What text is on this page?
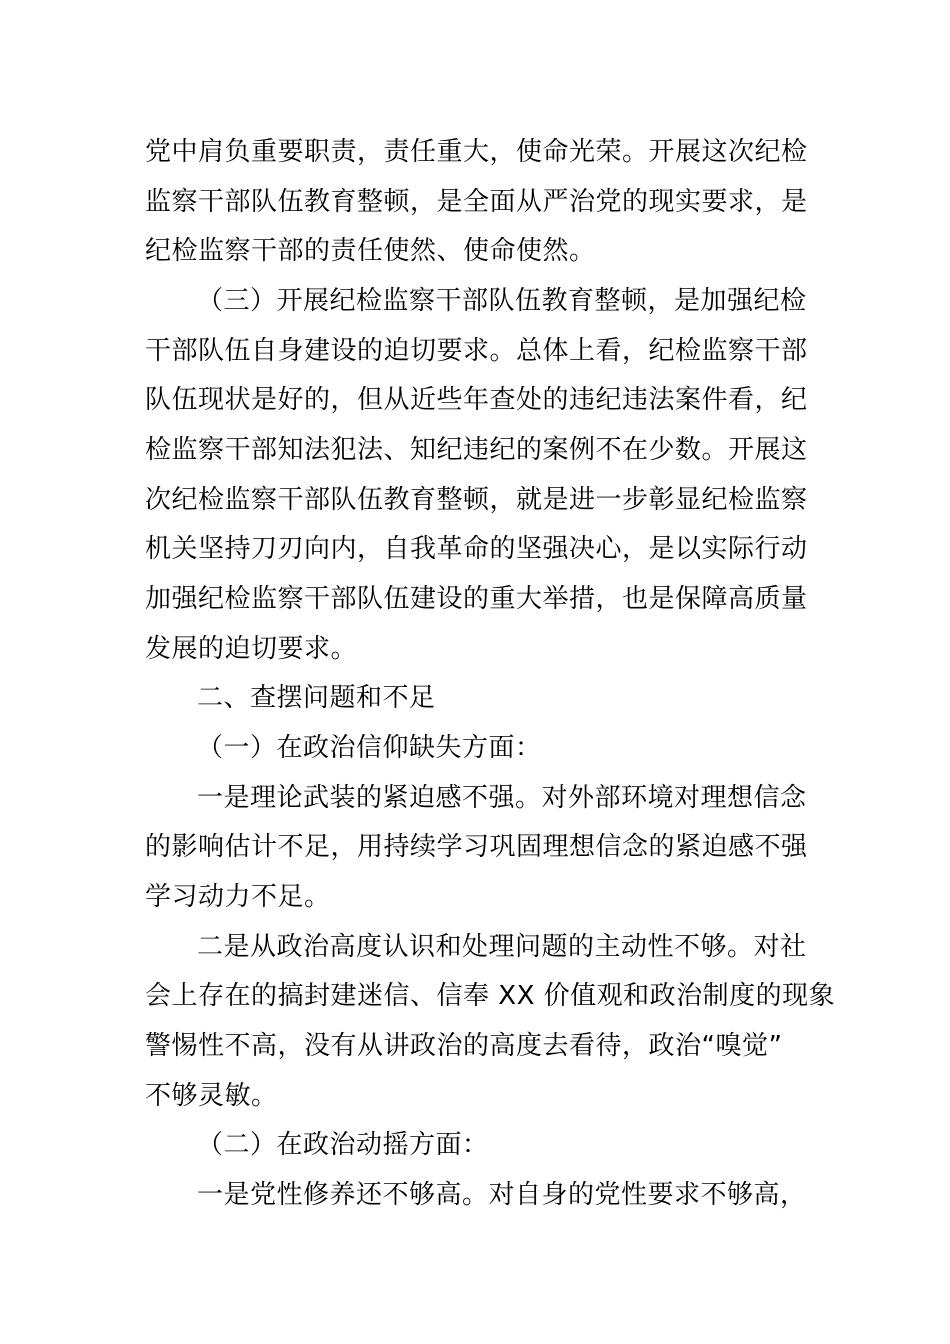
党中肩负重要职责，责任重大，使命光荣。开展这次纪检
监察干部队伍教育整顿，是全面从严治党的现实要求，是
纪检监察干部的责任使然、使命使然。
（三）开展纪检监察干部队伍教育整顿，是加强纪检
干部队伍自身建设的迫切要求。总体上看，纪检监察干部
队伍现状是好的，但从近些年查处的违纪违法案件看，纪
检监察干部知法犯法、知纪违纪的案例不在少数。开展这
次纪检监察干部队伍教育整顿，就是进一步彰显纪检监察
机关坚持刀刃向内，自我革命的坚强决心，是以实际行动
加强纪检监察干部队伍建设的重大举措，也是保障高质量
发展的迫切要求。
二、查摆问题和不足
（一）在政治信仰缺失方面：
一是理论武装的紧迫感不强。对外部环境对理想信念
的影响估计不足，用持续学习巩固理想信念的紧迫感不强
学习动力不足。
二是从政治高度认识和处理问题的主动性不够。对社
会上存在的搞封建迷信、信奉 XX 价值观和政治制度的现象
警惕性不高，没有从讲政治的高度去看待，政治“嗅觉”
不够灵敏。
（二）在政治动摇方面：
一是党性修养还不够高。对自身的党性要求不够高，
